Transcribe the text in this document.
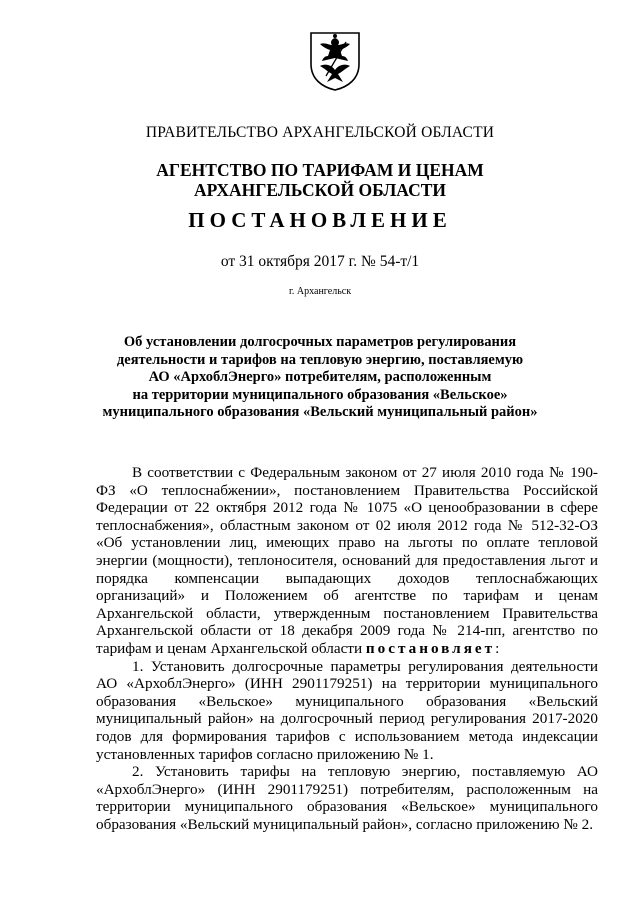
ПРАВИТЕЛЬСТВО АРХАНГЕЛЬСКОЙ ОБЛАСТИ
АГЕНТСТВО ПО ТАРИФАМ И ЦЕНАМ
АРХАНГЕЛЬСКОЙ ОБЛАСТИ
ПОСТАНОВЛЕНИЕ
от 31 октября 2017 г. № 54-т/1
г. Архангельск
Об установлении долгосрочных параметров регулирования
деятельности и тарифов на тепловую энергию, поставляемую
АО «АрхоблЭнерго» потребителям, расположенным
на территории муниципального образования «Вельское»
муниципального образования «Вельский муниципальный район»

В соответствии с Федеральным законом от 27 июля 2010 года № 190-ФЗ «О теплоснабжении», постановлением Правительства Российской Федерации от 22 октября 2012 года № 1075 «О ценообразовании в сфере теплоснабжения», областным законом от 02 июля 2012 года № 512-32-ОЗ «Об установлении лиц, имеющих право на льготы по оплате тепловой энергии (мощности), теплоносителя, оснований для предоставления льгот и порядка компенсации выпадающих доходов теплоснабжающих организаций» и Положением об агентстве по тарифам и ценам Архангельской области, утвержденным постановлением Правительства Архангельской области от 18 декабря 2009 года № 214-пп, агентство по тарифам и ценам Архангельской области постановляет:

1. Установить долгосрочные параметры регулирования деятельности АО «АрхоблЭнерго» (ИНН 2901179251) на территории муниципального образования «Вельское» муниципального образования «Вельский муниципальный район» на долгосрочный период регулирования 2017-2020 годов для формирования тарифов с использованием метода индексации установленных тарифов согласно приложению № 1.

2. Установить тарифы на тепловую энергию, поставляемую АО «АрхоблЭнерго» (ИНН 2901179251) потребителям, расположенным на территории муниципального образования «Вельское» муниципального образования «Вельский муниципальный район», согласно приложению № 2.
